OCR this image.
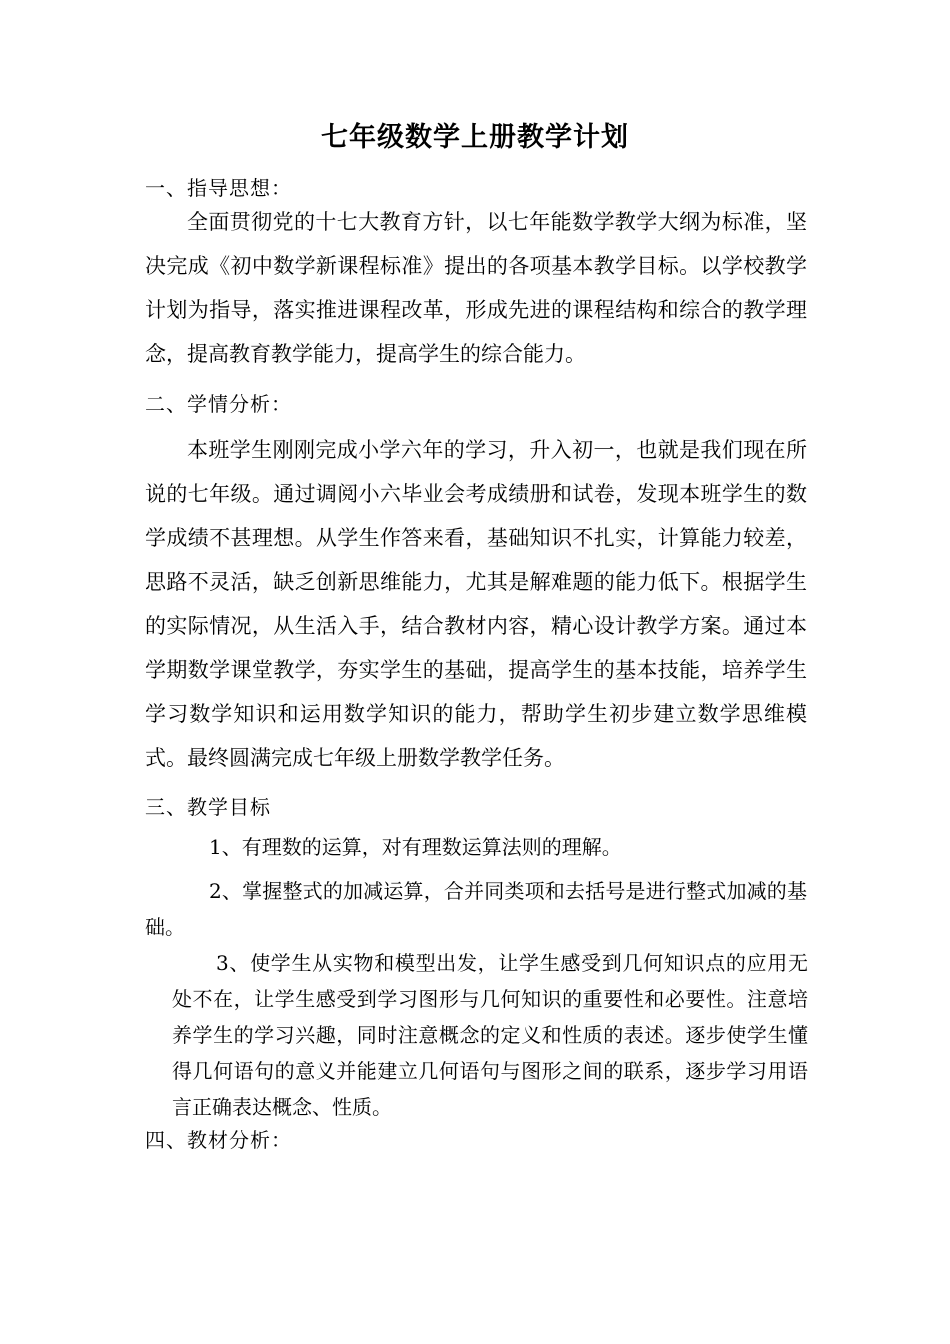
七年级数学上册教学计划
一、指导思想：
全面贯彻党的十七大教育方针，以七年能数学教学大纲为标准，坚决完成《初中数学新课程标准》提出的各项基本教学目标。以学校教学计划为指导，落实推进课程改革，形成先进的课程结构和综合的教学理念，提高教育教学能力，提高学生的综合能力。
二、学情分析：
本班学生刚刚完成小学六年的学习，升入初一，也就是我们现在所说的七年级。通过调阅小六毕业会考成绩册和试卷，发现本班学生的数学成绩不甚理想。从学生作答来看，基础知识不扎实，计算能力较差，思路不灵活，缺乏创新思维能力，尤其是解难题的能力低下。根据学生的实际情况，从生活入手，结合教材内容，精心设计教学方案。通过本学期数学课堂教学，夯实学生的基础，提高学生的基本技能，培养学生学习数学知识和运用数学知识的能力，帮助学生初步建立数学思维模式。最终圆满完成七年级上册数学教学任务。
三、教学目标
1、有理数的运算，对有理数运算法则的理解。
2、掌握整式的加减运算，合并同类项和去括号是进行整式加减的基础。
3、使学生从实物和模型出发，让学生感受到几何知识点的应用无处不在，让学生感受到学习图形与几何知识的重要性和必要性。注意培养学生的学习兴趣，同时注意概念的定义和性质的表述。逐步使学生懂得几何语句的意义并能建立几何语句与图形之间的联系，逐步学习用语言正确表达概念、性质。
四、教材分析：
